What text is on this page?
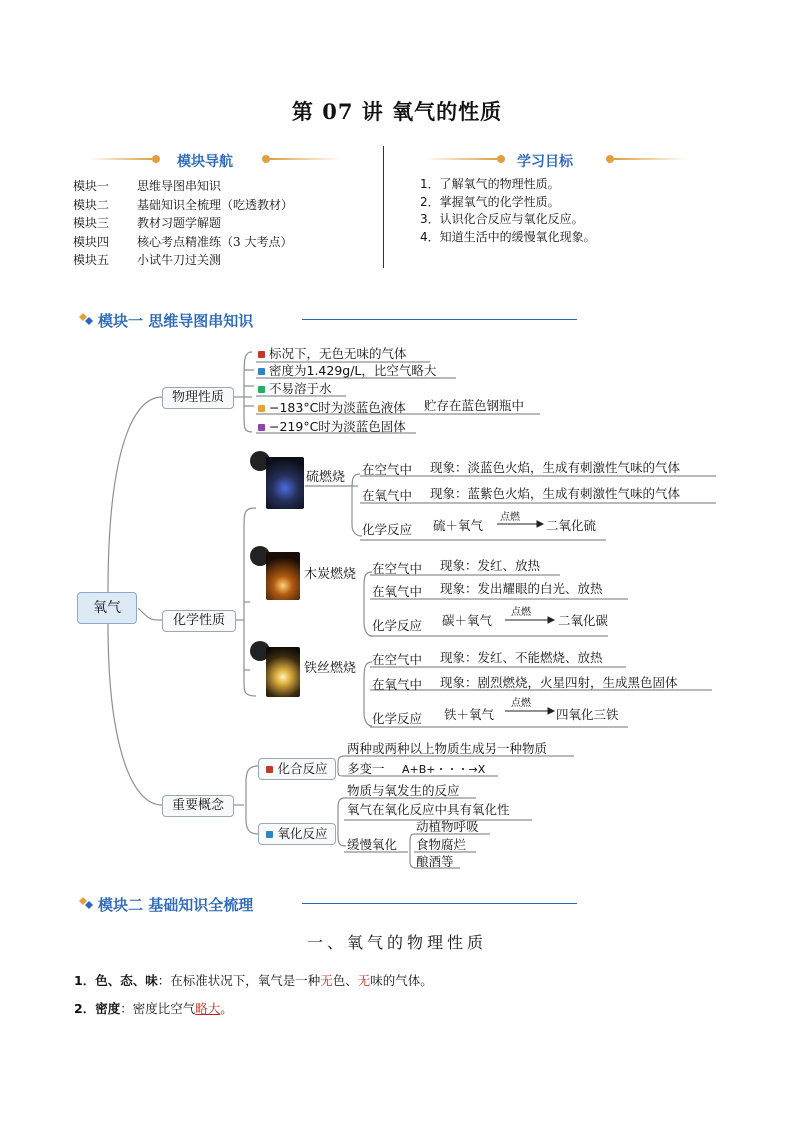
第 07 讲 氧气的性质
模块导航
模块一	思维导图串知识
模块二	基础知识全梳理（吃透教材）
模块三	教材习题学解题
模块四	核心考点精准练（3 大考点）
模块五	小试牛刀过关测
学习目标
1．了解氧气的物理性质。
2．掌握氧气的化学性质。
3．认识化合反应与氧化反应。
4．知道生活中的缓慢氧化现象。
模块一 思维导图串知识
氧气
物理性质
化学性质
重要概念
标况下，无色无味的气体
密度为1.429g/L，比空气略大
不易溶于水
−183°C时为淡蓝色液体 贮存在蓝色钢瓶中
−219°C时为淡蓝色固体
硫燃烧
在空气中 现象：淡蓝色火焰，生成有刺激性气味的气体
在氧气中 现象：蓝紫色火焰，生成有刺激性气味的气体
化学反应 硫＋氧气
点燃
二氧化硫
木炭燃烧 在空气中 现象：发红、放热
在氧气中 现象：发出耀眼的白光、放热
化学反应 碳＋氧气
点燃
二氧化碳
铁丝燃烧
在空气中 现象：发红、不能燃烧、放热
在氧气中 现象：剧烈燃烧，火星四射，生成黑色固体
化学反应 铁＋氧气
点燃
四氧化三铁
化合反应
两种或两种以上物质生成另一种物质
多变一 A+B+・・・→X
氧化反应
物质与氧发生的反应
氧气在氧化反应中具有氧化性
缓慢氧化
动植物呼吸
食物腐烂
酿酒等
模块二 基础知识全梳理
一、氧气的物理性质
1．色、态、味：在标准状况下，氧气是一种无色、无味的气体。
2．密度：密度比空气略大。
